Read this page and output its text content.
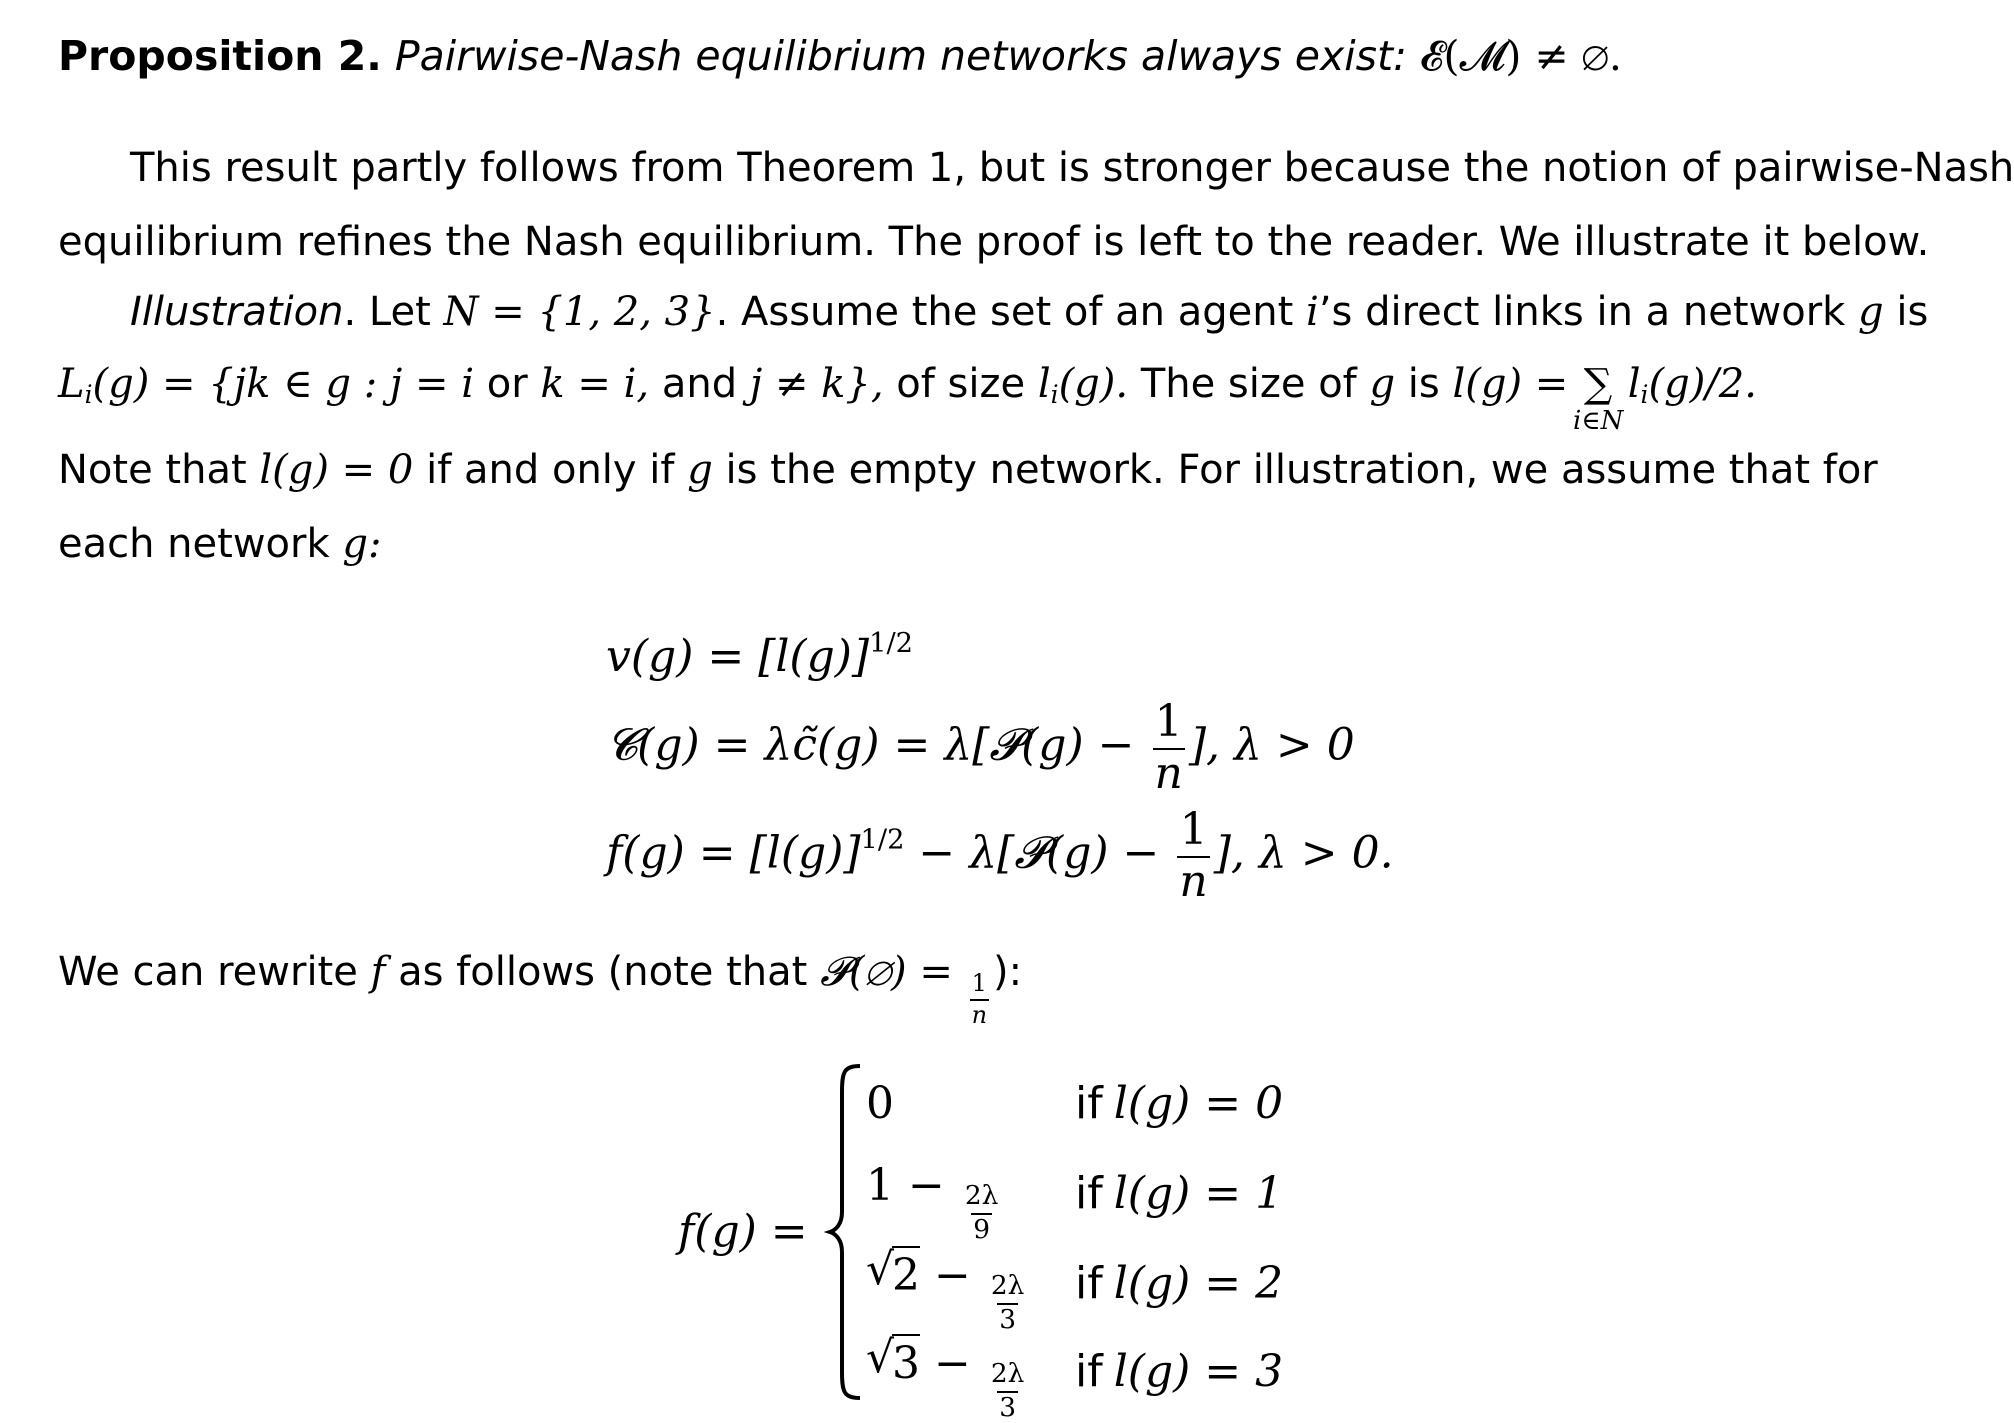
Proposition 2. Pairwise-Nash equilibrium networks always exist: 𝓔(𝓜) ≠ ∅.
This result partly follows from Theorem 1, but is stronger because the notion of pairwise-Nash
equilibrium refines the Nash equilibrium. The proof is left to the reader. We illustrate it below.
Illustration. Let N = {1, 2, 3}. Assume the set of an agent i’s direct links in a network g is
$L_i(g) = \{jk$ ∈ g : j = i or k = i, and j ≠ k}, of size $l_i(g)$. The size of g is l(g) = ∑
i∈N
$l_i(g)/2$.
Note that l(g) = 0 if and only if g is the empty network. For illustration, we assume that for
each network g:
$v(g) = [l(g)]^{1/2}$
𝓒(g) = λc̃(g) = λ[𝓟(g) − $\frac{1}{n}$ ], λ > 0
$f(g) = [l(g)]^{1/2}$ − λ[𝓟(g) − $\frac{1}{n}$ ], λ > 0.
We can rewrite f as follows (note that 𝓟(∅) = $\frac{1}{n}$ ):
f(g) =
0	if l(g) = 0
$1 - \frac{2\lambda}{9}$ if l(g) = 1
√
$2 - \frac{2\lambda}{3}$ if l(g) = 2
√
$3 - \frac{2\lambda}{3}$ if l(g) = 3
